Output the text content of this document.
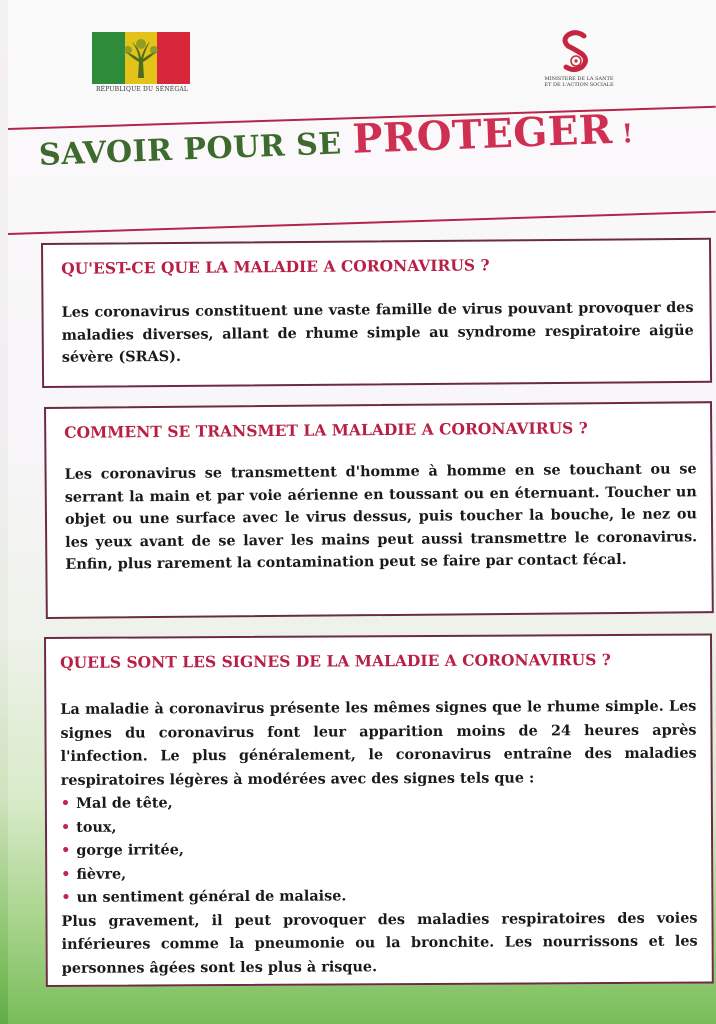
RÉPUBLIQUE DU SÉNÉGAL
MINISTERE DE LA SANTE
ET DE L'ACTION SOCIALE
SAVOIR POUR SE PROTEGER !
QU'EST-CE QUE LA MALADIE A CORONAVIRUS ?

Les coronavirus constituent une vaste famille de virus pouvant provoquer des maladies diverses, allant de rhume simple au syndrome respiratoire aigüe sévère (SRAS).

COMMENT SE TRANSMET LA MALADIE A CORONAVIRUS ?

Les coronavirus se transmettent d'homme à homme en se touchant ou se serrant la main et par voie aérienne en toussant ou en éternuant. Toucher un objet ou une surface avec le virus dessus, puis toucher la bouche, le nez ou les yeux avant de se laver les mains peut aussi transmettre le coronavirus. Enfin, plus rarement la contamination peut se faire par contact fécal.

QUELS SONT LES SIGNES DE LA MALADIE A CORONAVIRUS ?

La maladie à coronavirus présente les mêmes signes que le rhume simple. Les signes du coronavirus font leur apparition moins de 24 heures après l'infection. Le plus généralement, le coronavirus entraîne des maladies respiratoires légères à modérées avec des signes tels que :

• Mal de tête,
• toux,
• gorge irritée,
• fièvre,
• un sentiment général de malaise.

Plus gravement, il peut provoquer des maladies respiratoires des voies inférieures comme la pneumonie ou la bronchite. Les nourrissons et les personnes âgées sont les plus à risque.
